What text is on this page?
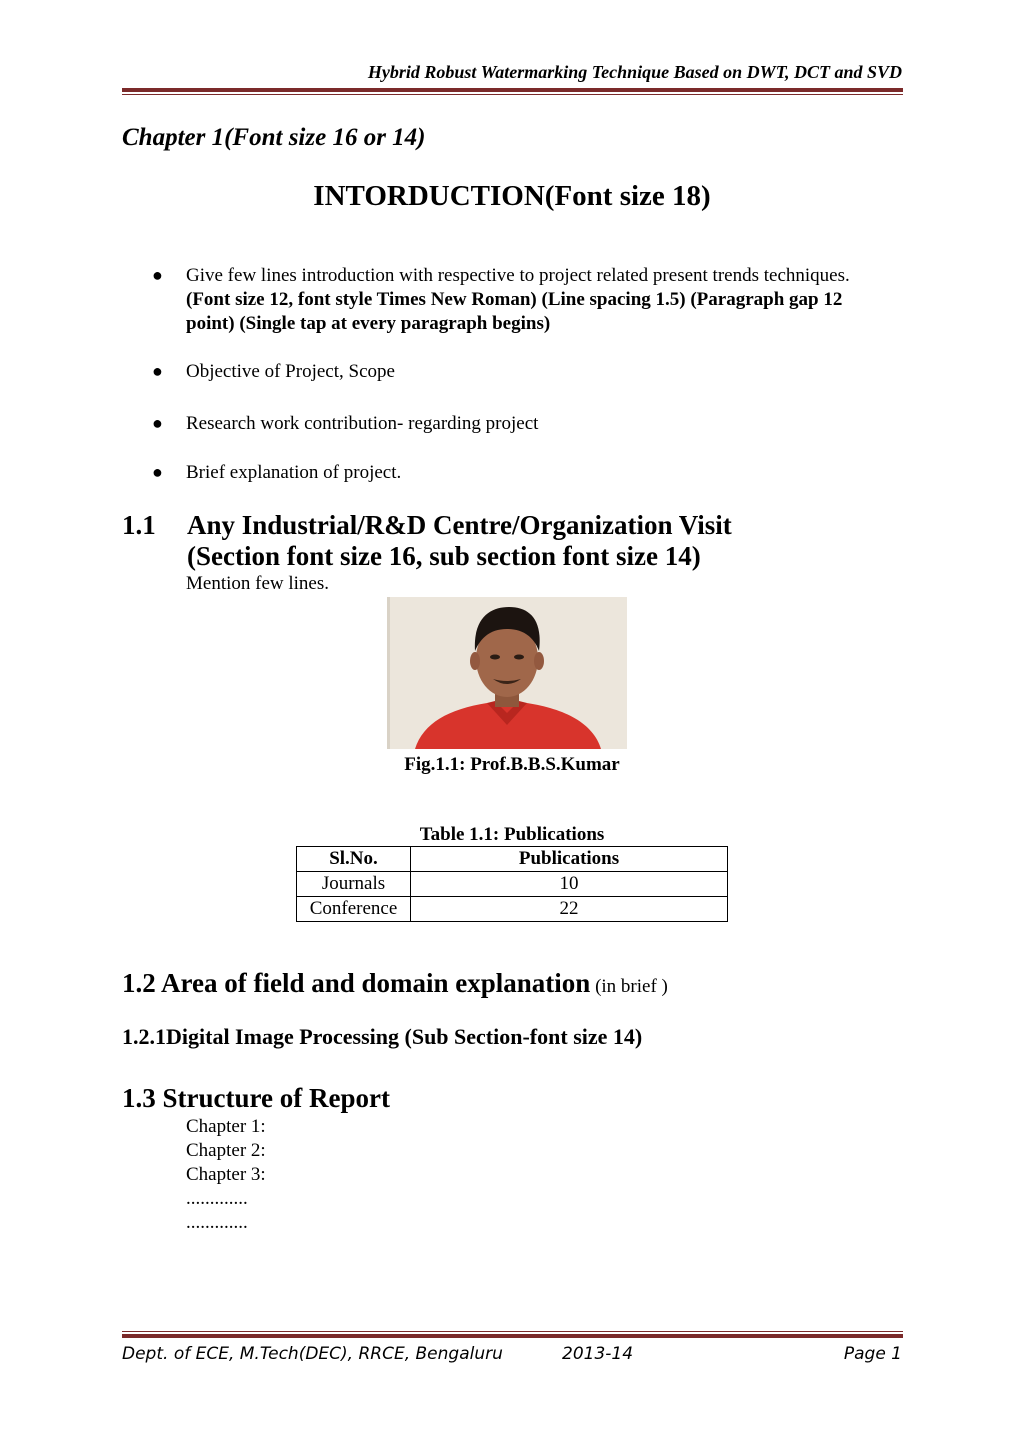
Hybrid Robust Watermarking Technique Based on DWT, DCT and SVD
Chapter 1(Font size 16 or 14)
INTORDUCTION(Font size 18)
● Give few lines introduction with respective to project related present trends techniques. (Font size 12, font style Times New Roman) (Line spacing 1.5) (Paragraph gap 12 point) (Single tap at every paragraph begins)
● Objective of Project, Scope
● Research work contribution- regarding project
● Brief explanation of project.
1.1 Any Industrial/R&D Centre/Organization Visit
(Section font size 16, sub section font size 14)
Mention few lines.
Fig.1.1: Prof.B.B.S.Kumar
Table 1.1: Publications
Sl.No.	Publications
Journals	10
Conference	22
1.2 Area of field and domain explanation (in brief )
1.2.1Digital Image Processing (Sub Section-font size 14)
1.3 Structure of Report
Chapter 1:
Chapter 2:
Chapter 3:
.............
.............
Dept. of ECE, M.Tech(DEC), RRCE, Bengaluru	2013-14	Page 1
